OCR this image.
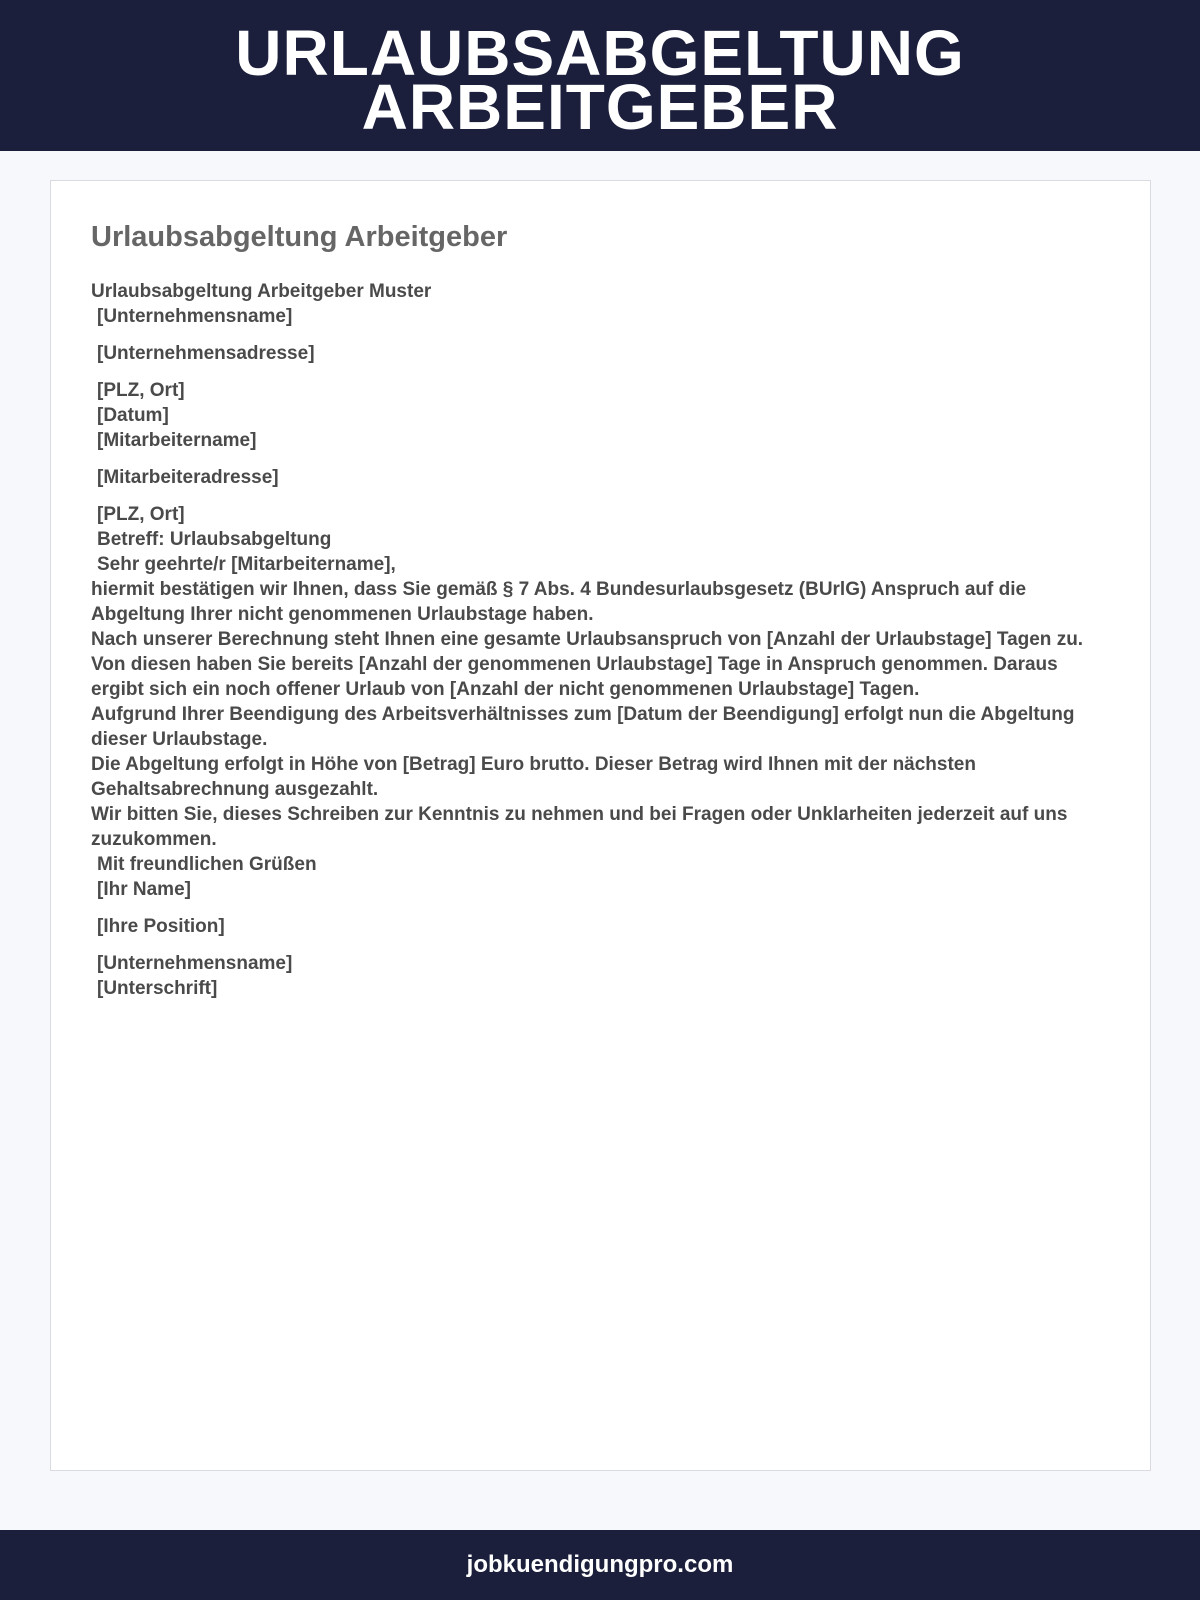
URLAUBSABGELTUNG
ARBEITGEBER
Urlaubsabgeltung Arbeitgeber
Urlaubsabgeltung Arbeitgeber Muster
[Unternehmensname]
[Unternehmensadresse]
[PLZ, Ort]
[Datum]
[Mitarbeitername]
[Mitarbeiteradresse]
[PLZ, Ort]
Betreff: Urlaubsabgeltung
Sehr geehrte/r [Mitarbeitername],
hiermit bestätigen wir Ihnen, dass Sie gemäß § 7 Abs. 4 Bundesurlaubsgesetz (BUrlG) Anspruch auf die Abgeltung Ihrer nicht genommenen Urlaubstage haben.
Nach unserer Berechnung steht Ihnen eine gesamte Urlaubsanspruch von [Anzahl der Urlaubstage] Tagen zu. Von diesen haben Sie bereits [Anzahl der genommenen Urlaubstage] Tage in Anspruch genommen. Daraus ergibt sich ein noch offener Urlaub von [Anzahl der nicht genommenen Urlaubstage] Tagen.
Aufgrund Ihrer Beendigung des Arbeitsverhältnisses zum [Datum der Beendigung] erfolgt nun die Abgeltung dieser Urlaubstage.
Die Abgeltung erfolgt in Höhe von [Betrag] Euro brutto. Dieser Betrag wird Ihnen mit der nächsten Gehaltsabrechnung ausgezahlt.
Wir bitten Sie, dieses Schreiben zur Kenntnis zu nehmen und bei Fragen oder Unklarheiten jederzeit auf uns zuzukommen.
Mit freundlichen Grüßen
[Ihr Name]
[Ihre Position]
[Unternehmensname]
[Unterschrift]
jobkuendigungpro.com
